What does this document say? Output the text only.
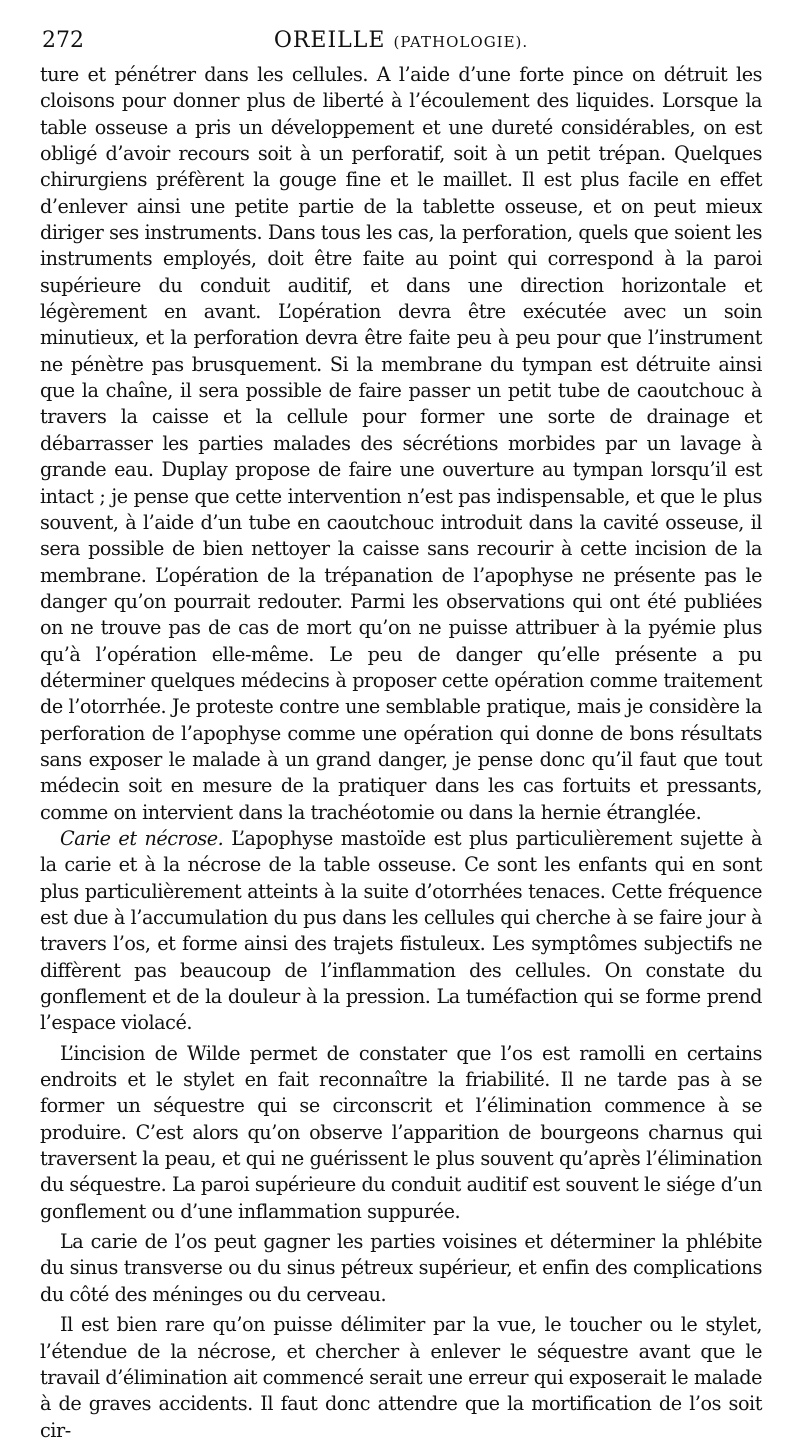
272	OREILLE (PATHOLOGIE).

ture et pénétrer dans les cellules. A l’aide d’une forte pince on détruit les cloisons pour donner plus de liberté à l’écoulement des liquides. Lorsque la table osseuse a pris un développement et une dureté considérables, on est obligé d’avoir recours soit à un perforatif, soit à un petit trépan. Quelques chirurgiens préfèrent la gouge fine et le maillet. Il est plus facile en effet d’enlever ainsi une petite partie de la tablette osseuse, et on peut mieux diriger ses instruments. Dans tous les cas, la perforation, quels que soient les instruments employés, doit être faite au point qui correspond à la paroi supérieure du conduit auditif, et dans une direction horizontale et légèrement en avant. L’opération devra être exécutée avec un soin minutieux, et la perforation devra être faite peu à peu pour que l’instrument ne pénètre pas brusquement. Si la membrane du tympan est détruite ainsi que la chaîne, il sera possible de faire passer un petit tube de caoutchouc à travers la caisse et la cellule pour former une sorte de drainage et débarrasser les parties malades des sécrétions morbides par un lavage à grande eau. Duplay propose de faire une ouverture au tympan lorsqu’il est intact ; je pense que cette intervention n’est pas indispensable, et que le plus souvent, à l’aide d’un tube en caoutchouc introduit dans la cavité osseuse, il sera possible de bien nettoyer la caisse sans recourir à cette incision de la membrane. L’opération de la trépanation de l’apophyse ne présente pas le danger qu’on pourrait redouter. Parmi les observations qui ont été publiées on ne trouve pas de cas de mort qu’on ne puisse attribuer à la pyémie plus qu’à l’opération elle-même. Le peu de danger qu’elle présente a pu déterminer quelques médecins à proposer cette opération comme traitement de l’otorrhée. Je proteste contre une semblable pratique, mais je considère la perforation de l’apophyse comme une opération qui donne de bons résultats sans exposer le malade à un grand danger, je pense donc qu’il faut que tout médecin soit en mesure de la pratiquer dans les cas fortuits et pressants, comme on intervient dans la trachéotomie ou dans la hernie étranglée.

Carie et nécrose. L’apophyse mastoïde est plus particulièrement sujette à la carie et à la nécrose de la table osseuse. Ce sont les enfants qui en sont plus particulièrement atteints à la suite d’otorrhées tenaces. Cette fréquence est due à l’accumulation du pus dans les cellules qui cherche à se faire jour à travers l’os, et forme ainsi des trajets fistuleux. Les symptômes subjectifs ne diffèrent pas beaucoup de l’inflammation des cellules. On constate du gonflement et de la douleur à la pression. La tuméfaction qui se forme prend l’espace violacé.

L’incision de Wilde permet de constater que l’os est ramolli en certains endroits et le stylet en fait reconnaître la friabilité. Il ne tarde pas à se former un séquestre qui se circonscrit et l’élimination commence à se produire. C’est alors qu’on observe l’apparition de bourgeons charnus qui traversent la peau, et qui ne guérissent le plus souvent qu’après l’élimination du séquestre. La paroi supérieure du conduit auditif est souvent le siége d’un gonflement ou d’une inflammation suppurée.

La carie de l’os peut gagner les parties voisines et déterminer la phlébite du sinus transverse ou du sinus pétreux supérieur, et enfin des complications du côté des méninges ou du cerveau.

Il est bien rare qu’on puisse délimiter par la vue, le toucher ou le stylet, l’étendue de la nécrose, et chercher à enlever le séquestre avant que le travail d’élimination ait commencé serait une erreur qui exposerait le malade à de graves accidents. Il faut donc attendre que la mortification de l’os soit cir-
